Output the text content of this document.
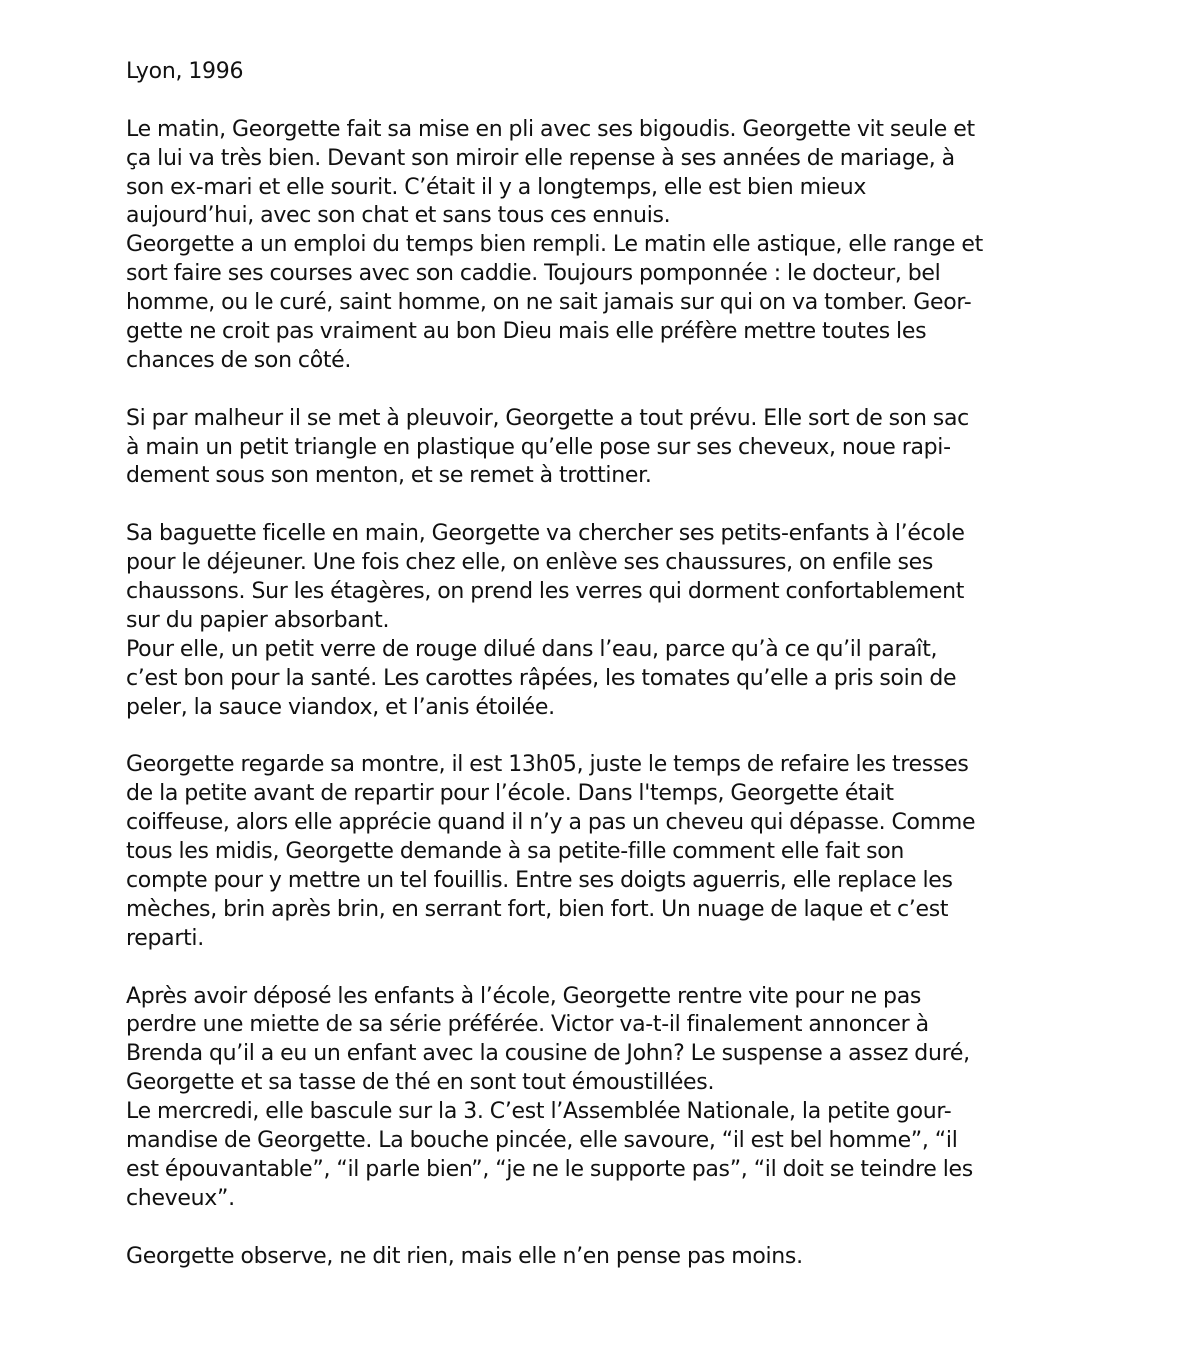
Lyon, 1996
Le matin, Georgette fait sa mise en pli avec ses bigoudis. Georgette vit seule et
ça lui va très bien. Devant son miroir elle repense à ses années de mariage, à
son ex-mari et elle sourit. C’était il y a longtemps, elle est bien mieux
aujourd’hui, avec son chat et sans tous ces ennuis.
Georgette a un emploi du temps bien rempli. Le matin elle astique, elle range et
sort faire ses courses avec son caddie. Toujours pomponnée : le docteur, bel
homme, ou le curé, saint homme, on ne sait jamais sur qui on va tomber. Geor-
gette ne croit pas vraiment au bon Dieu mais elle préfère mettre toutes les
chances de son côté.
Si par malheur il se met à pleuvoir, Georgette a tout prévu. Elle sort de son sac
à main un petit triangle en plastique qu’elle pose sur ses cheveux, noue rapi-
dement sous son menton, et se remet à trottiner.
Sa baguette ficelle en main, Georgette va chercher ses petits-enfants à l’école
pour le déjeuner. Une fois chez elle, on enlève ses chaussures, on enfile ses
chaussons. Sur les étagères, on prend les verres qui dorment confortablement
sur du papier absorbant.
Pour elle, un petit verre de rouge dilué dans l’eau, parce qu’à ce qu’il paraît,
c’est bon pour la santé. Les carottes râpées, les tomates qu’elle a pris soin de
peler, la sauce viandox, et l’anis étoilée.
Georgette regarde sa montre, il est 13h05, juste le temps de refaire les tresses
de la petite avant de repartir pour l’école. Dans l'temps, Georgette était
coiffeuse, alors elle apprécie quand il n’y a pas un cheveu qui dépasse. Comme
tous les midis, Georgette demande à sa petite-fille comment elle fait son
compte pour y mettre un tel fouillis. Entre ses doigts aguerris, elle replace les
mèches, brin après brin, en serrant fort, bien fort. Un nuage de laque et c’est
reparti.
Après avoir déposé les enfants à l’école, Georgette rentre vite pour ne pas
perdre une miette de sa série préférée. Victor va-t-il finalement annoncer à
Brenda qu’il a eu un enfant avec la cousine de John? Le suspense a assez duré,
Georgette et sa tasse de thé en sont tout émoustillées.
Le mercredi, elle bascule sur la 3. C’est l’Assemblée Nationale, la petite gour-
mandise de Georgette. La bouche pincée, elle savoure, “il est bel homme”, “il
est épouvantable”, “il parle bien”, “je ne le supporte pas”, “il doit se teindre les
cheveux”.
Georgette observe, ne dit rien, mais elle n’en pense pas moins.
